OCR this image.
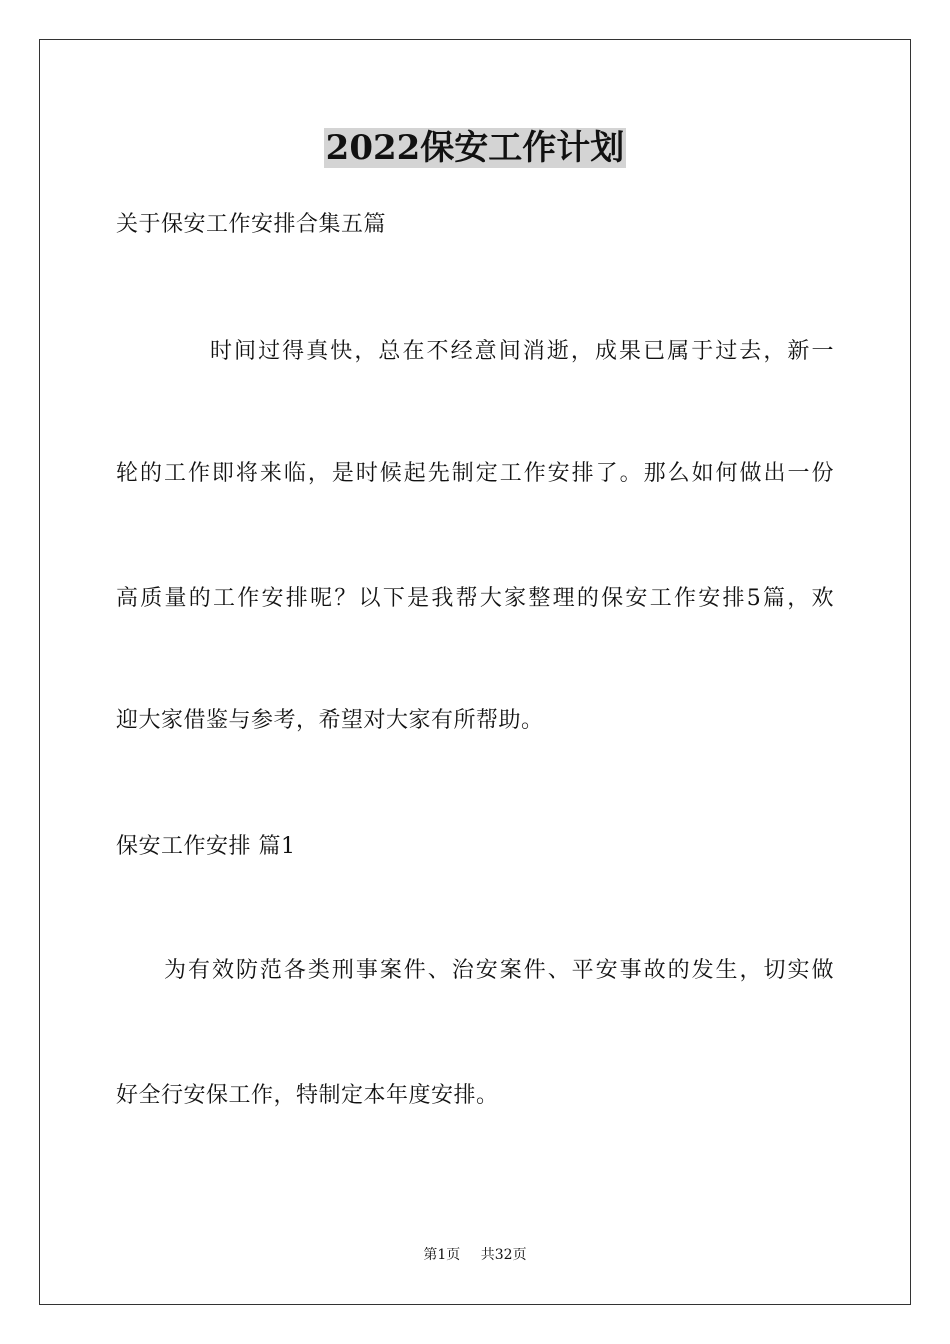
2022保安工作计划
关于保安工作安排合集五篇
时间过得真快，总在不经意间消逝，成果已属于过去，新一
轮的工作即将来临，是时候起先制定工作安排了。那么如何做出一份
高质量的工作安排呢？以下是我帮大家整理的保安工作安排5篇，欢
迎大家借鉴与参考，希望对大家有所帮助。
保安工作安排 篇1
为有效防范各类刑事案件、治安案件、平安事故的发生，切实做
好全行安保工作，特制定本年度安排。
第1页 共32页
